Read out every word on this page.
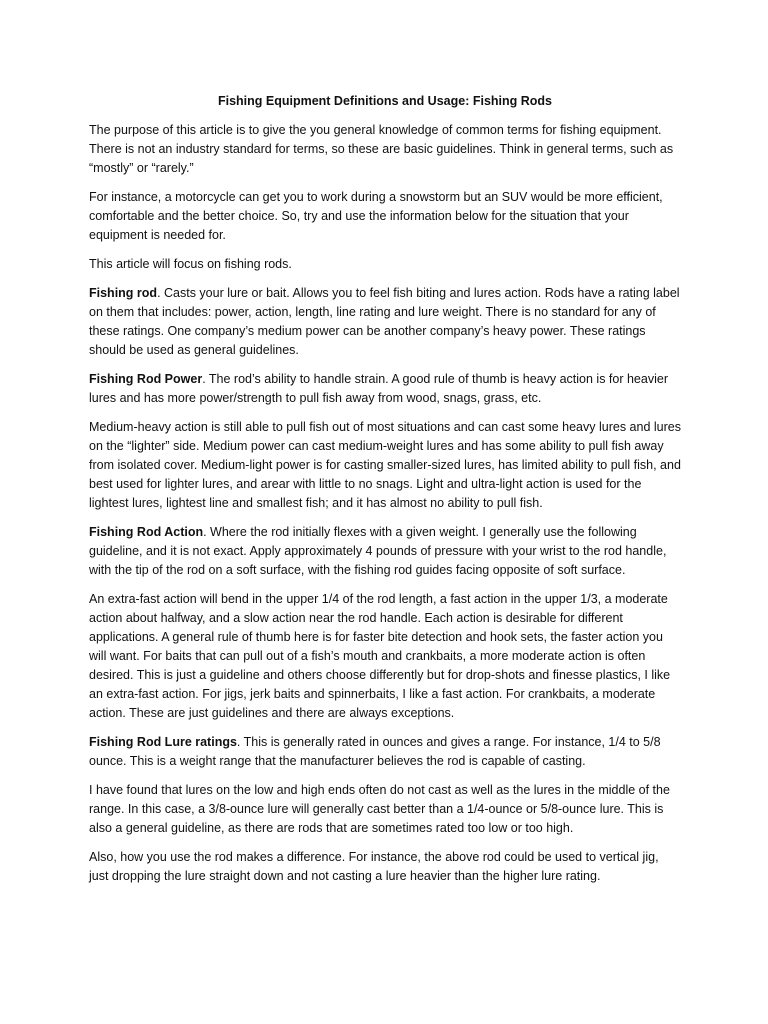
Fishing Equipment Definitions and Usage: Fishing Rods

The purpose of this article is to give the you general knowledge of common terms for fishing equipment. There is not an industry standard for terms, so these are basic guidelines. Think in general terms, such as “mostly” or “rarely.”

For instance, a motorcycle can get you to work during a snowstorm but an SUV would be more efficient, comfortable and the better choice. So, try and use the information below for the situation that your equipment is needed for.

This article will focus on fishing rods.

Fishing rod. Casts your lure or bait. Allows you to feel fish biting and lures action. Rods have a rating label on them that includes: power, action, length, line rating and lure weight. There is no standard for any of these ratings. One company’s medium power can be another company’s heavy power. These ratings should be used as general guidelines.

Fishing Rod Power. The rod’s ability to handle strain. A good rule of thumb is heavy action is for heavier lures and has more power/strength to pull fish away from wood, snags, grass, etc.

Medium-heavy action is still able to pull fish out of most situations and can cast some heavy lures and lures on the “lighter” side. Medium power can cast medium-weight lures and has some ability to pull fish away from isolated cover. Medium-light power is for casting smaller-sized lures, has limited ability to pull fish, and best used for lighter lures, and arear with little to no snags. Light and ultra-light action is used for the lightest lures, lightest line and smallest fish; and it has almost no ability to pull fish.

Fishing Rod Action. Where the rod initially flexes with a given weight. I generally use the following guideline, and it is not exact. Apply approximately 4 pounds of pressure with your wrist to the rod handle, with the tip of the rod on a soft surface, with the fishing rod guides facing opposite of soft surface.

An extra-fast action will bend in the upper 1/4 of the rod length, a fast action in the upper 1/3, a moderate action about halfway, and a slow action near the rod handle. Each action is desirable for different applications. A general rule of thumb here is for faster bite detection and hook sets, the faster action you will want. For baits that can pull out of a fish’s mouth and crankbaits, a more moderate action is often desired. This is just a guideline and others choose differently but for drop-shots and finesse plastics, I like an extra-fast action. For jigs, jerk baits and spinnerbaits, I like a fast action. For crankbaits, a moderate action. These are just guidelines and there are always exceptions.

Fishing Rod Lure ratings. This is generally rated in ounces and gives a range. For instance, 1/4 to 5/8 ounce. This is a weight range that the manufacturer believes the rod is capable of casting.

I have found that lures on the low and high ends often do not cast as well as the lures in the middle of the range. In this case, a 3/8-ounce lure will generally cast better than a 1/4-ounce or 5/8-ounce lure. This is also a general guideline, as there are rods that are sometimes rated too low or too high.

Also, how you use the rod makes a difference. For instance, the above rod could be used to vertical jig, just dropping the lure straight down and not casting a lure heavier than the higher lure rating.
